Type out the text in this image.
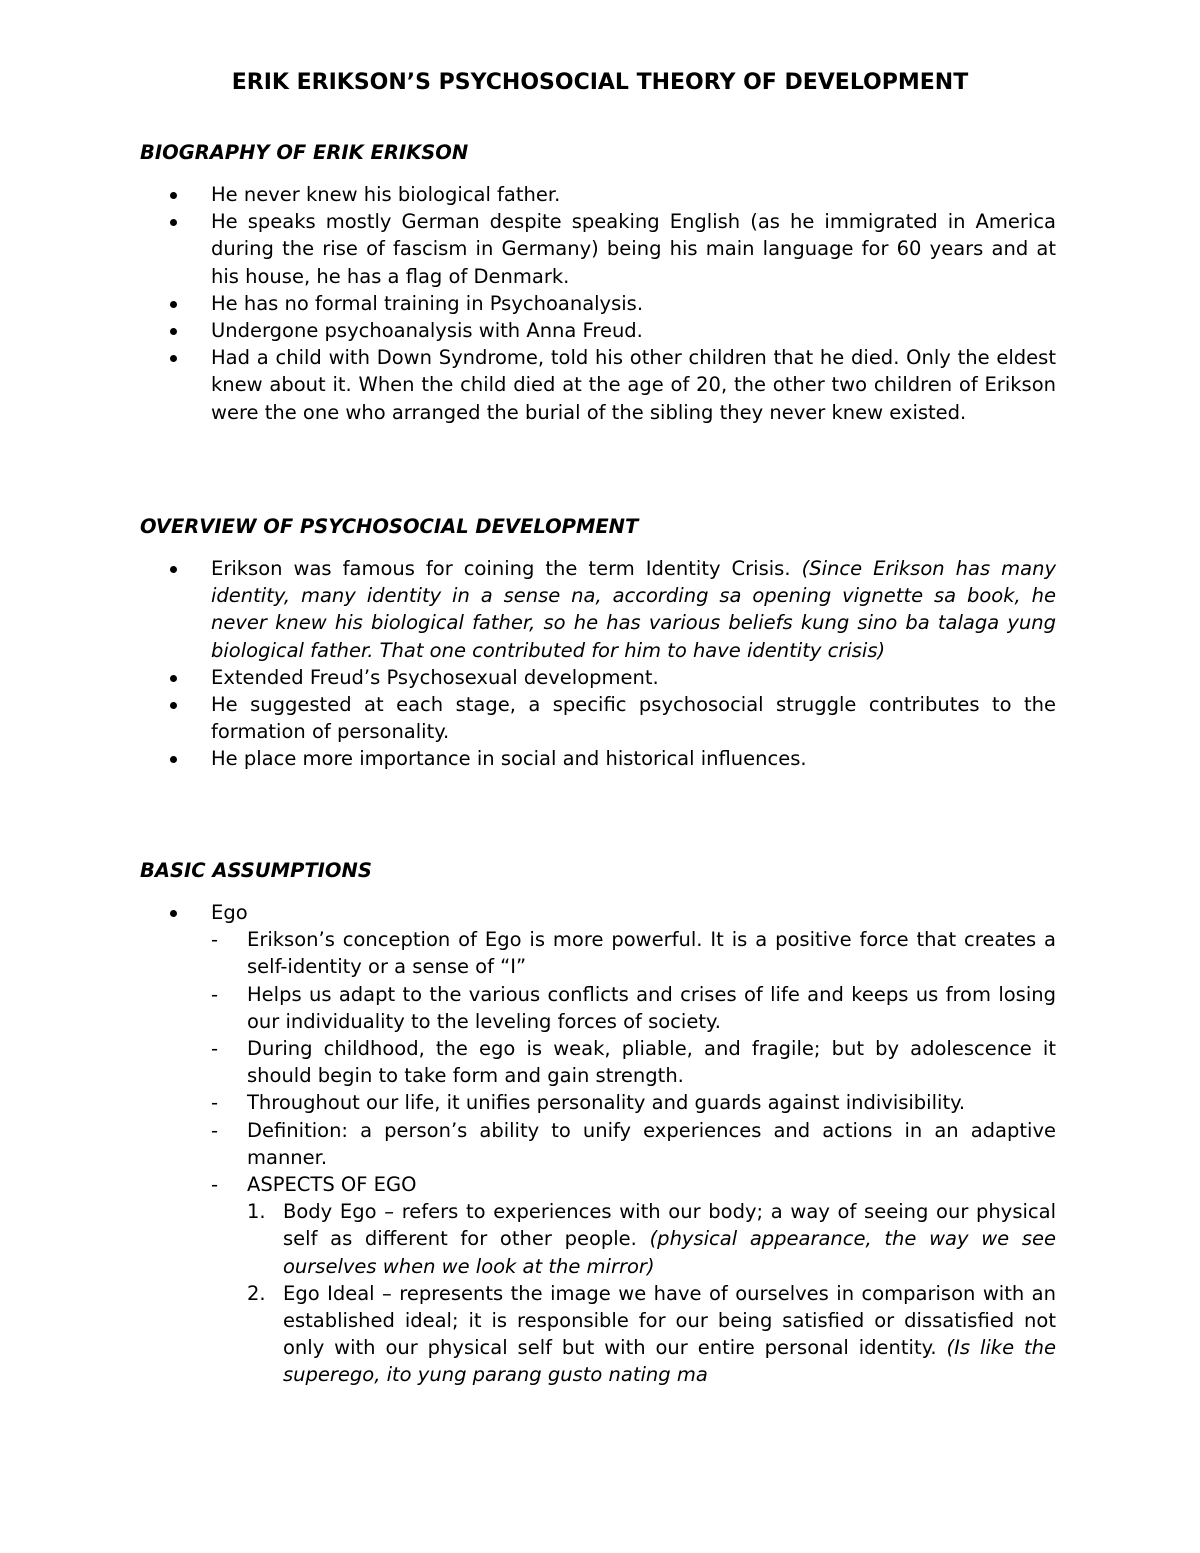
ERIK ERIKSON’S PSYCHOSOCIAL THEORY OF DEVELOPMENT
BIOGRAPHY OF ERIK ERIKSON
He never knew his biological father.
He speaks mostly German despite speaking English (as he immigrated in America during the rise of fascism in Germany) being his main language for 60 years and at his house, he has a flag of Denmark.
He has no formal training in Psychoanalysis.
Undergone psychoanalysis with Anna Freud.
Had a child with Down Syndrome, told his other children that he died. Only the eldest knew about it. When the child died at the age of 20, the other two children of Erikson were the one who arranged the burial of the sibling they never knew existed.
OVERVIEW OF PSYCHOSOCIAL DEVELOPMENT
Erikson was famous for coining the term Identity Crisis. (Since Erikson has many identity, many identity in a sense na, according sa opening vignette sa book, he never knew his biological father, so he has various beliefs kung sino ba talaga yung biological father. That one contributed for him to have identity crisis)
Extended Freud’s Psychosexual development.
He suggested at each stage, a specific psychosocial struggle contributes to the formation of personality.
He place more importance in social and historical influences.
BASIC ASSUMPTIONS
Ego
- Erikson’s conception of Ego is more powerful. It is a positive force that creates a self-identity or a sense of “I”
- Helps us adapt to the various conflicts and crises of life and keeps us from losing our individuality to the leveling forces of society.
- During childhood, the ego is weak, pliable, and fragile; but by adolescence it should begin to take form and gain strength.
- Throughout our life, it unifies personality and guards against indivisibility.
- Definition: a person’s ability to unify experiences and actions in an adaptive manner.
- ASPECTS OF EGO
1. Body Ego – refers to experiences with our body; a way of seeing our physical self as different for other people. (physical appearance, the way we see ourselves when we look at the mirror)
2. Ego Ideal – represents the image we have of ourselves in comparison with an established ideal; it is responsible for our being satisfied or dissatisfied not only with our physical self but with our entire personal identity. (Is like the superego, ito yung parang gusto nating ma
